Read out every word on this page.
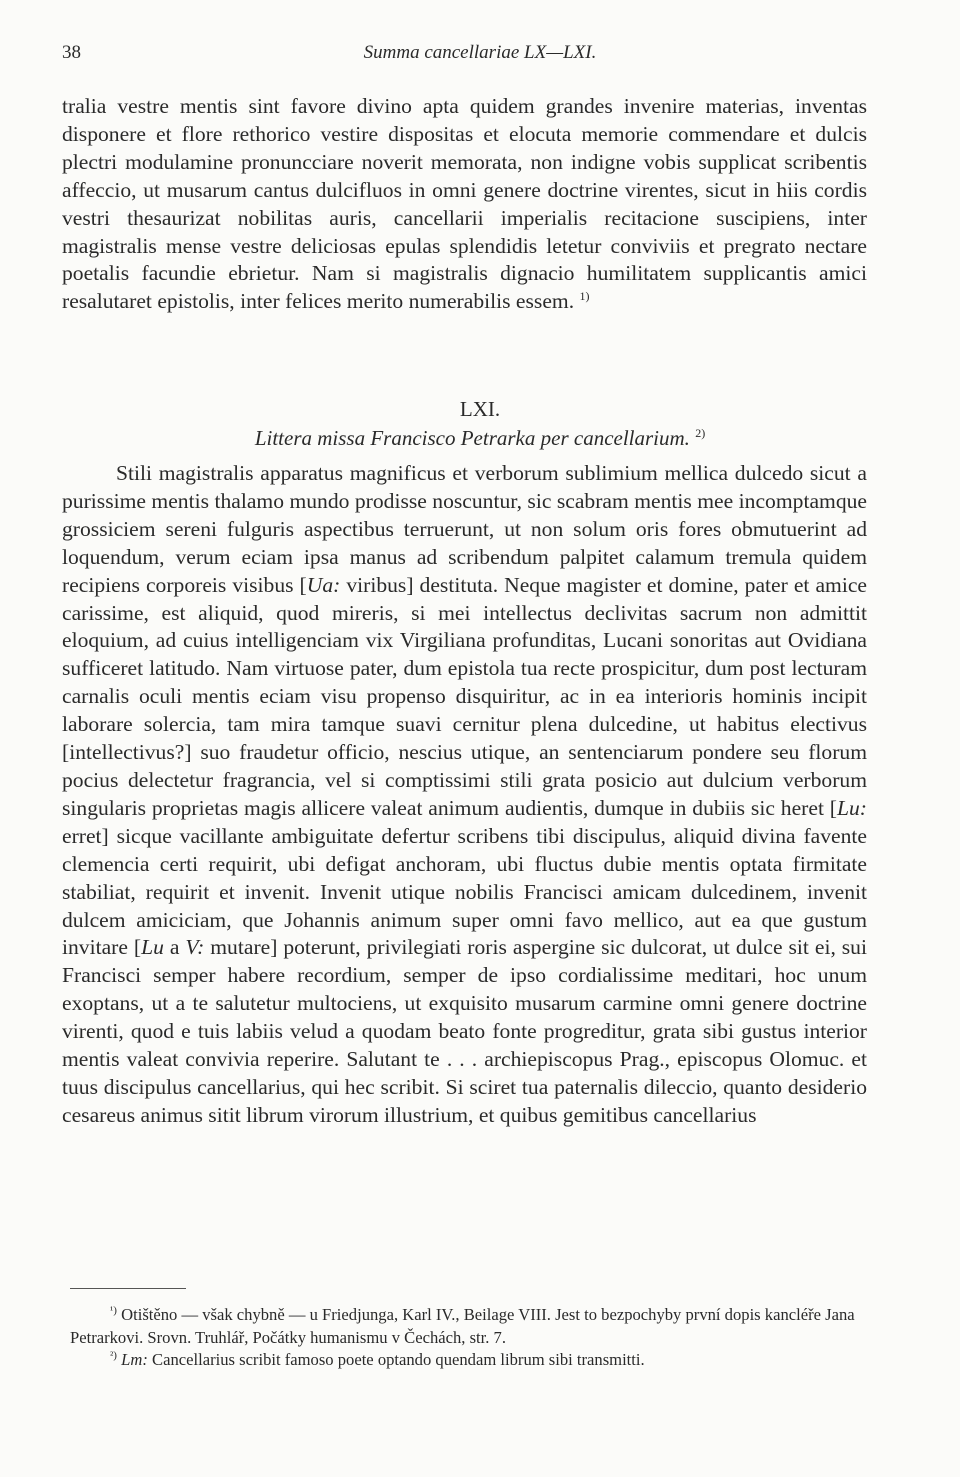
38	Summa cancellariae LX—LXI.
tralia vestre mentis sint favore divino apta quidem grandes invenire materias, inventas disponere et flore rethorico vestire dispositas et elocuta memorie commendare et dulcis plectri modulamine pronuncciare noverit memorata, non indigne vobis supplicat scribentis affeccio, ut musarum cantus dulcifluos in omni genere doctrine virentes, sicut in hiis cordis vestri thesaurizat nobilitas auris, cancellarii imperialis recitacione suscipiens, inter magistralis mense vestre deliciosas epulas splendidis letetur conviviis et pregrato nectare poetalis facundie ebrietur. Nam si magistralis dignacio humilitatem supplicantis amici resalutaret epistolis, inter felices merito numerabilis essem. $^{1)}$
LXI.
Littera missa Francisco Petrarka per cancellarium. $^{2)}$
Stili magistralis apparatus magnificus et verborum sublimium mellica dulcedo sicut a purissime mentis thalamo mundo prodisse noscuntur, sic scabram mentis mee incomptamque grossiciem sereni fulguris aspectibus terruerunt, ut non solum oris fores obmutuerint ad loquendum, verum eciam ipsa manus ad scribendum palpitet calamum tremula quidem recipiens corporeis visibus [Ua: viribus] destituta. Neque magister et domine, pater et amice carissime, est aliquid, quod mireris, si mei intellectus declivitas sacrum non admittit eloquium, ad cuius intelligenciam vix Virgiliana profunditas, Lucani sonoritas aut Ovidiana sufficeret latitudo. Nam virtuose pater, dum epistola tua recte prospicitur, dum post lecturam carnalis oculi mentis eciam visu propenso disquiritur, ac in ea interioris hominis incipit laborare solercia, tam mira tamque suavi cernitur plena dulcedine, ut habitus electivus [intellectivus?] suo fraudetur officio, nescius utique, an sentenciarum pondere seu florum pocius delectetur fragrancia, vel si comptissimi stili grata posicio aut dulcium verborum singularis proprietas magis allicere valeat animum audientis, dumque in dubiis sic heret [Lu: erret] sicque vacillante ambiguitate defertur scribens tibi discipulus, aliquid divina favente clemencia certi requirit, ubi defigat anchoram, ubi fluctus dubie mentis optata firmitate stabiliat, requirit et invenit. Invenit utique nobilis Francisci amicam dulcedinem, invenit dulcem amiciciam, que Johannis animum super omni favo mellico, aut ea que gustum invitare [Lu a V: mutare] poterunt, privilegiati roris aspergine sic dulcorat, ut dulce sit ei, sui Francisci semper habere recordium, semper de ipso cordialissime meditari, hoc unum exoptans, ut a te salutetur multociens, ut exquisito musarum carmine omni genere doctrine virenti, quod e tuis labiis velud a quodam beato fonte progreditur, grata sibi gustus interior mentis valeat convivia reperire. Salutant te . . . archiepiscopus Prag., episcopus Olomuc. et tuus discipulus cancellarius, qui hec scribit. Si sciret tua paternalis dileccio, quanto desiderio cesareus animus sitit librum virorum illustrium, et quibus gemitibus cancellarius
$^{^1)}$ Otištěno — však chybně — u Friedjunga, Karl IV., Beilage VIII. Jest to bezpochyby první dopis kancléře Jana Petrarkovi. Srovn. Truhlář, Počátky humanismu v Čechách, str. 7.
$^{^2)}$ Lm: Cancellarius scribit famoso poete optando quendam librum sibi transmitti.
